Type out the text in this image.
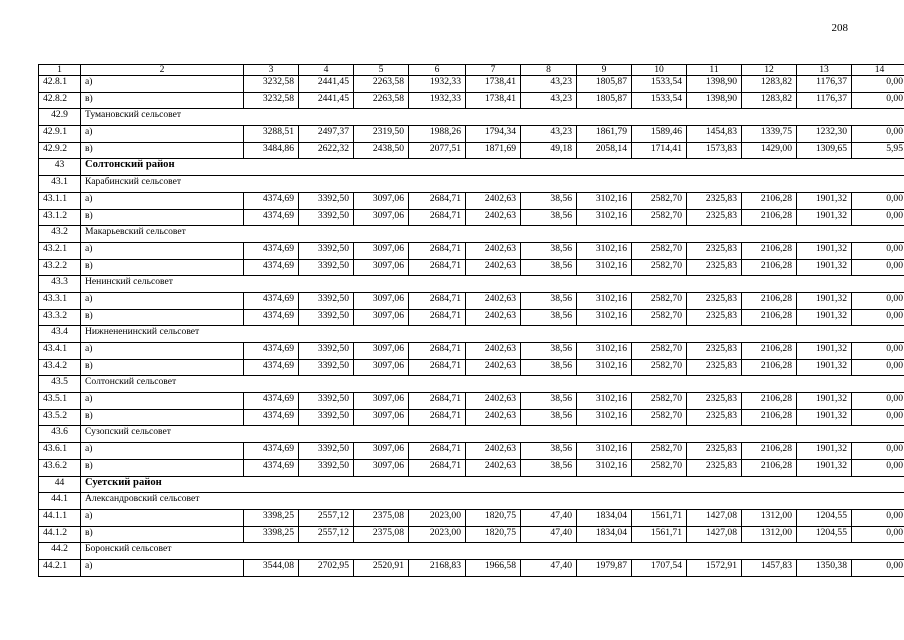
208
1	2	3	4	5	6	7	8	9	10	11	12	13	14
42.8.1	а)	3232,58	2441,45	2263,58	1932,33	1738,41	43,23	1805,87	1533,54	1398,90	1283,82	1176,37	0,00
42.8.2	в)	3232,58	2441,45	2263,58	1932,33	1738,41	43,23	1805,87	1533,54	1398,90	1283,82	1176,37	0,00
42.9	Тумановский сельсовет												
42.9.1	а)	3288,51	2497,37	2319,50	1988,26	1794,34	43,23	1861,79	1589,46	1454,83	1339,75	1232,30	0,00
42.9.2	в)	3484,86	2622,32	2438,50	2077,51	1871,69	49,18	2058,14	1714,41	1573,83	1429,00	1309,65	5,95
43	Солтонский район												
43.1	Карабинский сельсовет												
43.1.1	а)	4374,69	3392,50	3097,06	2684,71	2402,63	38,56	3102,16	2582,70	2325,83	2106,28	1901,32	0,00
43.1.2	в)	4374,69	3392,50	3097,06	2684,71	2402,63	38,56	3102,16	2582,70	2325,83	2106,28	1901,32	0,00
43.2	Макарьевский сельсовет												
43.2.1	а)	4374,69	3392,50	3097,06	2684,71	2402,63	38,56	3102,16	2582,70	2325,83	2106,28	1901,32	0,00
43.2.2	в)	4374,69	3392,50	3097,06	2684,71	2402,63	38,56	3102,16	2582,70	2325,83	2106,28	1901,32	0,00
43.3	Ненинский сельсовет												
43.3.1	а)	4374,69	3392,50	3097,06	2684,71	2402,63	38,56	3102,16	2582,70	2325,83	2106,28	1901,32	0,00
43.3.2	в)	4374,69	3392,50	3097,06	2684,71	2402,63	38,56	3102,16	2582,70	2325,83	2106,28	1901,32	0,00
43.4	Нижнененинский сельсовет												
43.4.1	а)	4374,69	3392,50	3097,06	2684,71	2402,63	38,56	3102,16	2582,70	2325,83	2106,28	1901,32	0,00
43.4.2	в)	4374,69	3392,50	3097,06	2684,71	2402,63	38,56	3102,16	2582,70	2325,83	2106,28	1901,32	0,00
43.5	Солтонский сельсовет												
43.5.1	а)	4374,69	3392,50	3097,06	2684,71	2402,63	38,56	3102,16	2582,70	2325,83	2106,28	1901,32	0,00
43.5.2	в)	4374,69	3392,50	3097,06	2684,71	2402,63	38,56	3102,16	2582,70	2325,83	2106,28	1901,32	0,00
43.6	Сузопский сельсовет												
43.6.1	а)	4374,69	3392,50	3097,06	2684,71	2402,63	38,56	3102,16	2582,70	2325,83	2106,28	1901,32	0,00
43.6.2	в)	4374,69	3392,50	3097,06	2684,71	2402,63	38,56	3102,16	2582,70	2325,83	2106,28	1901,32	0,00
44	Суетский район												
44.1	Александровский сельсовет												
44.1.1	а)	3398,25	2557,12	2375,08	2023,00	1820,75	47,40	1834,04	1561,71	1427,08	1312,00	1204,55	0,00
44.1.2	в)	3398,25	2557,12	2375,08	2023,00	1820,75	47,40	1834,04	1561,71	1427,08	1312,00	1204,55	0,00
44.2	Боронский сельсовет												
44.2.1	а)	3544,08	2702,95	2520,91	2168,83	1966,58	47,40	1979,87	1707,54	1572,91	1457,83	1350,38	0,00
